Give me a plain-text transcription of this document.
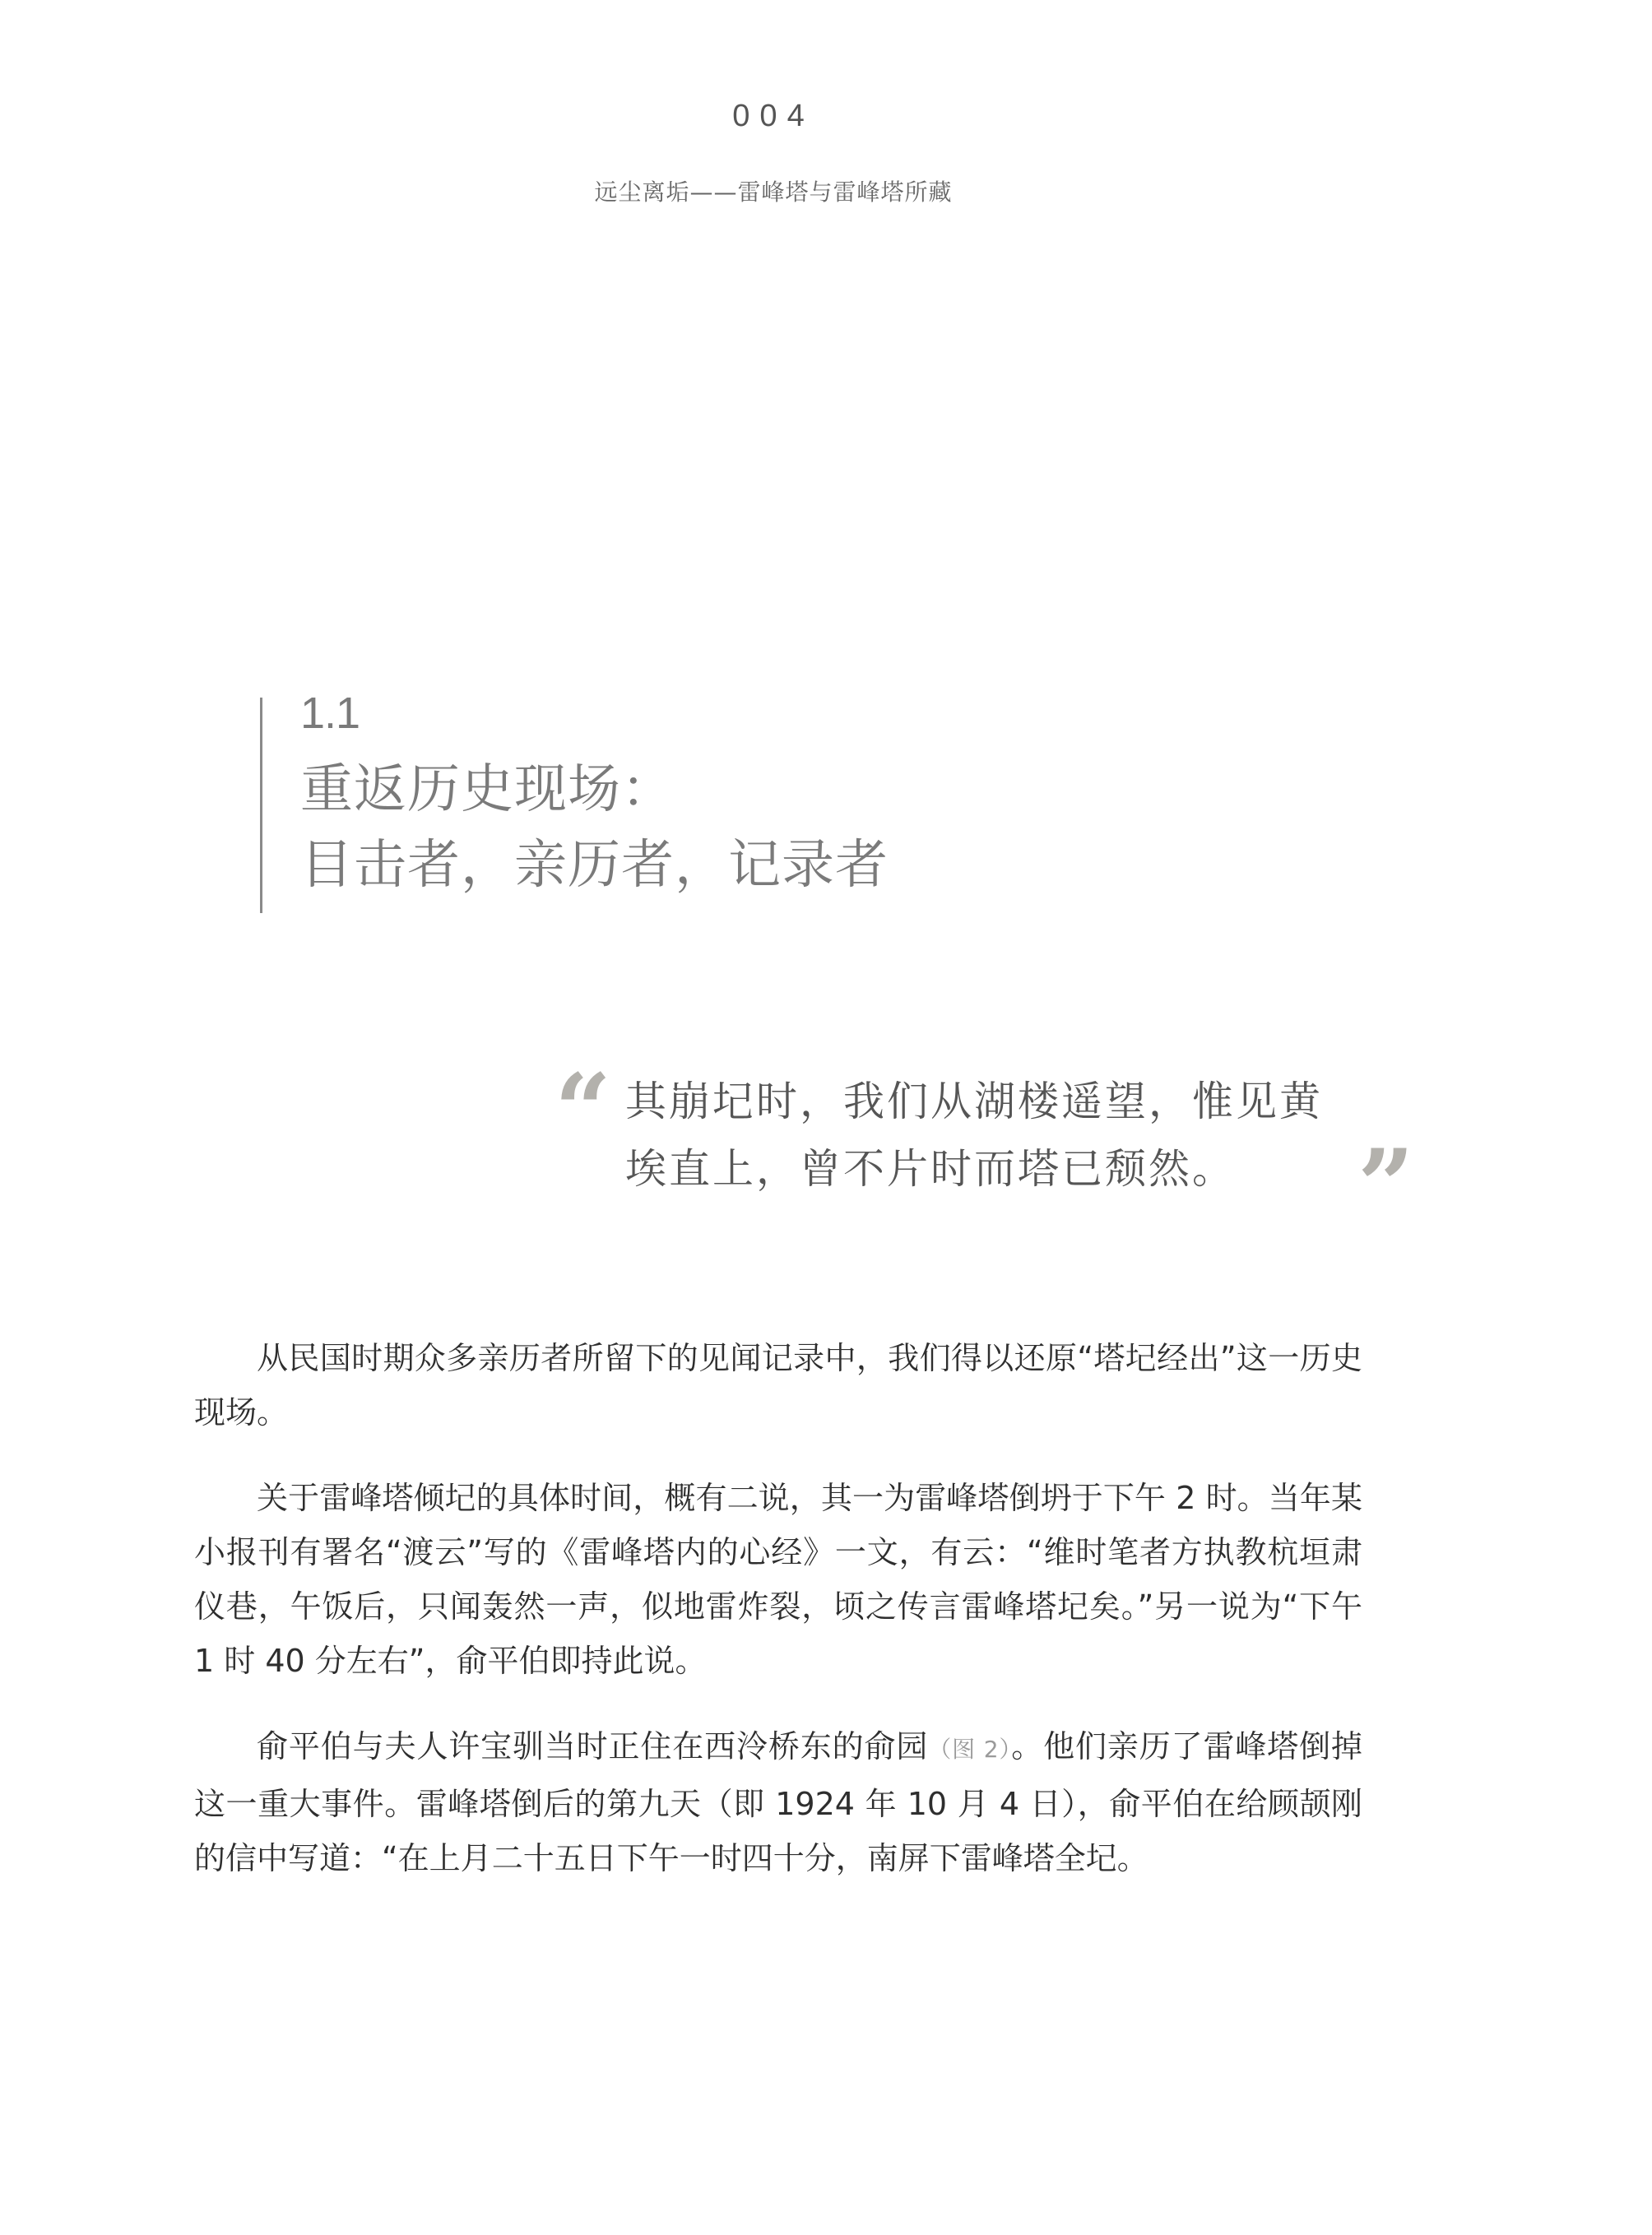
004
远尘离垢——雷峰塔与雷峰塔所藏
1.1
重返历史现场：
目击者，亲历者，记录者
“ 其崩圮时，我们从湖楼遥望，惟见黄
埃直上，曾不片时而塔已颓然。	”

从民国时期众多亲历者所留下的见闻记录中，我们得以还原“塔圮经出”这一历史现场。

关于雷峰塔倾圮的具体时间，概有二说，其一为雷峰塔倒坍于下午 2 时。当年某小报刊有署名“渡云”写的《雷峰塔内的心经》一文，有云：“维时笔者方执教杭垣肃仪巷，午饭后，只闻轰然一声，似地雷炸裂，顷之传言雷峰塔圮矣。”另一说为“下午 1 时 40 分左右”，俞平伯即持此说。

俞平伯与夫人许宝驯当时正住在西泠桥东的俞园（图 2）。他们亲历了雷峰塔倒掉这一重大事件。雷峰塔倒后的第九天（即 1924 年 10 月 4 日），俞平伯在给顾颉刚的信中写道：“在上月二十五日下午一时四十分，南屏下雷峰塔全圮。
